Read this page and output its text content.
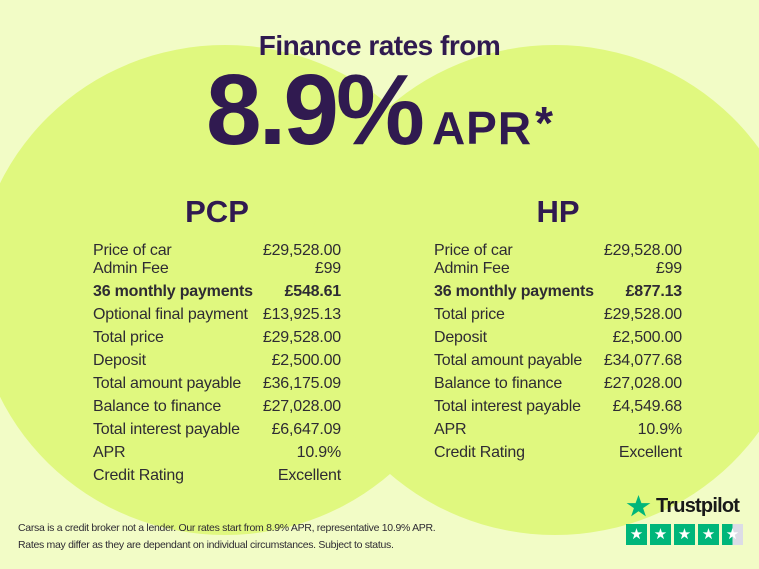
Finance rates from
8.9% APR *
PCP
Price of car	£29,528.00
Admin Fee	£99
36 monthly payments £548.61
Optional final payment £13,925.13
Total price	£29,528.00
Deposit	£2,500.00
Total amount payable £36,175.09
Balance to finance	£27,028.00
Total interest payable £6,647.09
APR	10.9%
Credit Rating	Excellent
HP
Price of car	£29,528.00
Admin Fee	£99
36 monthly payments £877.13
Total price	£29,528.00
Deposit	£2,500.00
Total amount payable £34,077.68
Balance to finance	£27,028.00
Total interest payable £4,549.68
APR	10.9%
Credit Rating	Excellent

Carsa is a credit broker not a lender. Our rates start from 8.9% APR, representative 10.9% APR.
Rates may differ as they are dependant on individual circumstances. Subject to status.

Trustpilot
★ ★ ★ ★ ★
